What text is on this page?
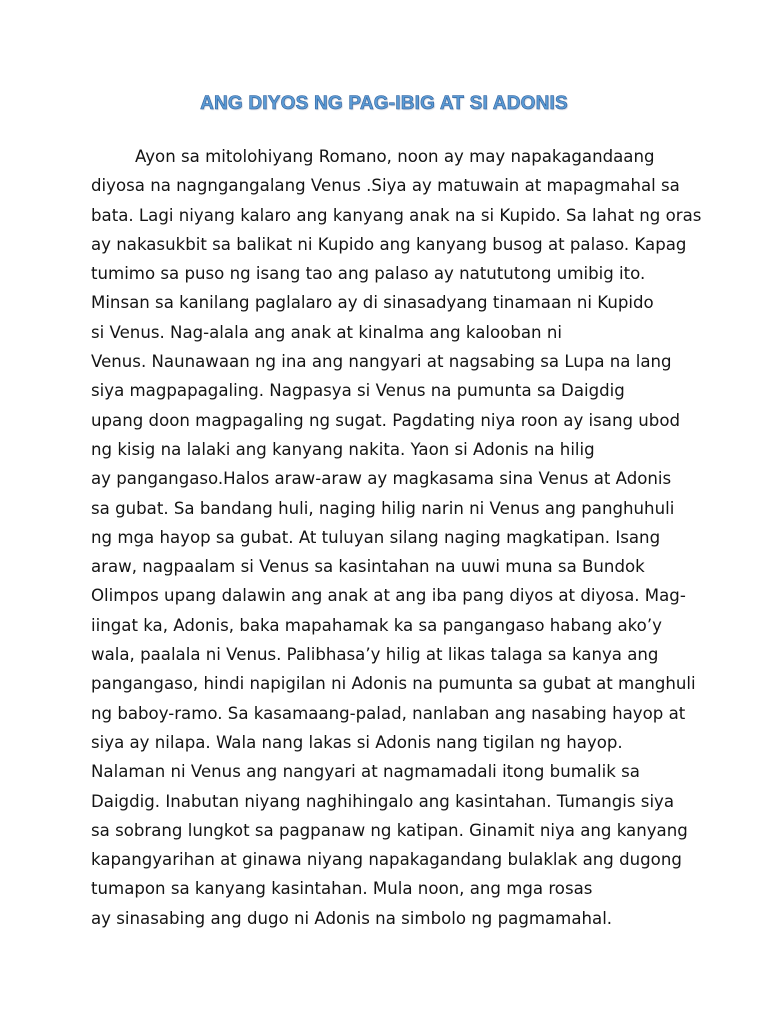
ANG DIYOS NG PAG-IBIG AT SI ADONIS
Ayon sa mitolohiyang Romano, noon ay may napakagandaang
diyosa na nagngangalang Venus .Siya ay matuwain at mapagmahal sa
bata. Lagi niyang kalaro ang kanyang anak na si Kupido. Sa lahat ng oras
ay nakasukbit sa balikat ni Kupido ang kanyang busog at palaso. Kapag
tumimo sa puso ng isang tao ang palaso ay natututong umibig ito.
Minsan sa kanilang paglalaro ay di sinasadyang tinamaan ni Kupido
si Venus. Nag-alala ang anak at kinalma ang kalooban ni
Venus. Naunawaan ng ina ang nangyari at nagsabing sa Lupa na lang
siya magpapagaling. Nagpasya si Venus na pumunta sa Daigdig
upang doon magpagaling ng sugat. Pagdating niya roon ay isang ubod
ng kisig na lalaki ang kanyang nakita. Yaon si Adonis na hilig
ay pangangaso.Halos araw-araw ay magkasama sina Venus at Adonis
sa gubat. Sa bandang huli, naging hilig narin ni Venus ang panghuhuli
ng mga hayop sa gubat. At tuluyan silang naging magkatipan. Isang
araw, nagpaalam si Venus sa kasintahan na uuwi muna sa Bundok
Olimpos upang dalawin ang anak at ang iba pang diyos at diyosa. Mag-
iingat ka, Adonis, baka mapahamak ka sa pangangaso habang ako’y
wala, paalala ni Venus. Palibhasa’y hilig at likas talaga sa kanya ang
pangangaso, hindi napigilan ni Adonis na pumunta sa gubat at manghuli
ng baboy-ramo. Sa kasamaang-palad, nanlaban ang nasabing hayop at
siya ay nilapa. Wala nang lakas si Adonis nang tigilan ng hayop.
Nalaman ni Venus ang nangyari at nagmamadali itong bumalik sa
Daigdig. Inabutan niyang naghihingalo ang kasintahan. Tumangis siya
sa sobrang lungkot sa pagpanaw ng katipan. Ginamit niya ang kanyang
kapangyarihan at ginawa niyang napakagandang bulaklak ang dugong
tumapon sa kanyang kasintahan. Mula noon, ang mga rosas
ay sinasabing ang dugo ni Adonis na simbolo ng pagmamahal.
